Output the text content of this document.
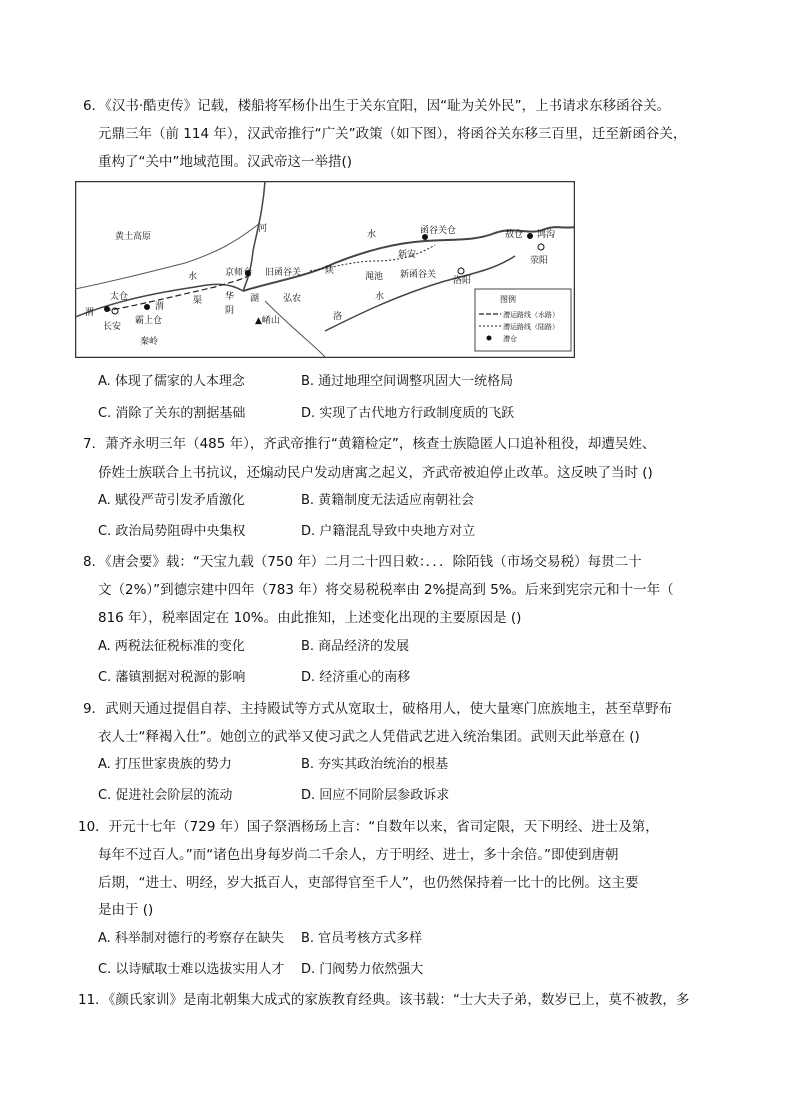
6．《汉书·酷吏传》记载，楼船将军杨仆出生于关东宜阳，因“耻为关外民”，上书请求东移函谷关。
元鼎三年（前 114 年），汉武帝推行“广关”政策（如下图），将函谷关东移三百里，迁至新函谷关，
重构了“关中”地域范围。汉武帝这一举措()
黄土高原
河
水	函谷关仓	敖仓 鸿沟
新安
水	京师仓 旧函谷关	陕
渑池 新函谷关
洛阳
荥阳
太仓
渭
渭
渠	华 湖	弘农	水
长安
霸上仓
阴
▲崤山	洛
秦岭
图例
漕运路线（水路）
漕运路线（陆路）
漕仓
A. 体现了儒家的人本理念	B. 通过地理空间调整巩固大一统格局
C. 消除了关东的割据基础	D. 实现了古代地方行政制度质的飞跃
7．萧齐永明三年（485 年），齐武帝推行“黄籍检定”，核查士族隐匿人口追补租役，却遭吴姓、
侨姓士族联合上书抗议，还煽动民户发动唐寓之起义，齐武帝被迫停止改革。这反映了当时 ()
A. 赋役严苛引发矛盾激化	B. 黄籍制度无法适应南朝社会
C. 政治局势阻碍中央集权	D. 户籍混乱导致中央地方对立
8．《唐会要》载：“天宝九载（750 年）二月二十四日敕：．．．除陌钱（市场交易税）每贯二十
文（2%）”到德宗建中四年（783 年）将交易税税率由 2%提高到 5%。后来到宪宗元和十一年（
816 年），税率固定在 10%。由此推知，上述变化出现的主要原因是 ()
A. 两税法征税标准的变化	B. 商品经济的发展
C. 藩镇割据对税源的影响	D. 经济重心的南移
9．武则天通过提倡自荐、主持殿试等方式从宽取士，破格用人，使大量寒门庶族地主，甚至草野布
衣人士“释褐入仕”。她创立的武举又使习武之人凭借武艺进入统治集团。武则天此举意在 ()
A. 打压世家贵族的势力	B. 夯实其政治统治的根基
C. 促进社会阶层的流动	D. 回应不同阶层参政诉求
10．开元十七年（729 年）国子祭酒杨玚上言：“自数年以来，省司定限，天下明经、进士及第，
每年不过百人。”而“诸色出身每岁尚二千余人，方于明经、进士，多十余倍。”即使到唐朝
后期，“进士、明经，岁大抵百人，吏部得官至千人”，也仍然保持着一比十的比例。这主要
是由于 ()
A. 科举制对德行的考察存在缺失 B. 官员考核方式多样
C. 以诗赋取士难以选拔实用人才 D. 门阀势力依然强大
11．《颜氏家训》是南北朝集大成式的家族教育经典。该书载：“士大夫子弟，数岁已上，莫不被教，多
